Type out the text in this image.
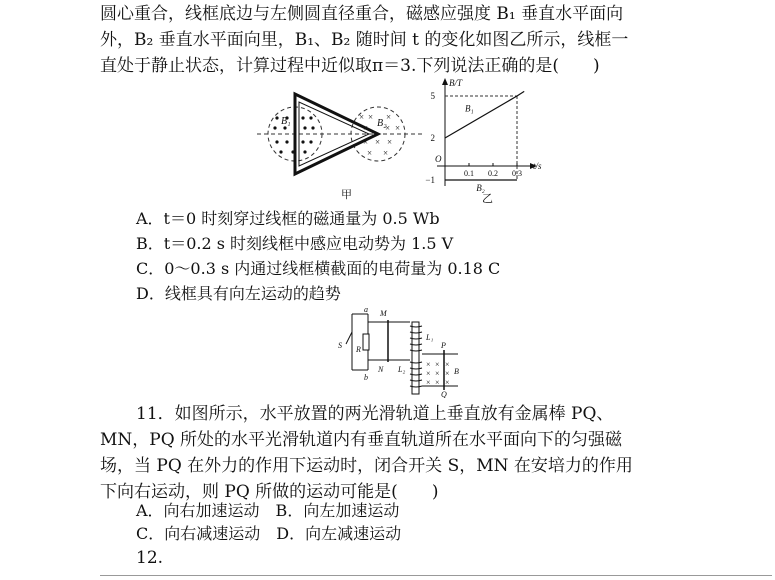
圆心重合，线框底边与左侧圆直径重合，磁感应强度 B₁ 垂直水平面向
外，B₂ 垂直水平面向里，B₁、B₂ 随时间 t 的变化如图乙所示，线框一
直处于静止状态，计算过程中近似取π＝3.下列说法正确的是(　　)
× × ×
× × ×
× × ×
× ×
B₁	B₂
甲
B/T
t/s
O
5
2
−1
0.1 0.2 0.3
B₁
B₂
乙
A．t＝0 时刻穿过线框的磁通量为 0.5 Wb
B．t＝0.2 s 时刻线框中感应电动势为 1.5 V
C．0～0.3 s 内通过线框横截面的电荷量为 0.18 C
D．线框具有向左运动的趋势
a
b
S R
M
N
L₁
L₂
× × ×
× × ×
× × ×
P
Q
B
11．如图所示，水平放置的两光滑轨道上垂直放有金属棒 PQ、
MN，PQ 所处的水平光滑轨道内有垂直轨道所在水平面向下的匀强磁
场，当 PQ 在外力的作用下运动时，闭合开关 S，MN 在安培力的作用
下向右运动，则 PQ 所做的运动可能是(　　)
A．向右加速运动　B．向左加速运动
C．向右减速运动　D．向左减速运动
12.
